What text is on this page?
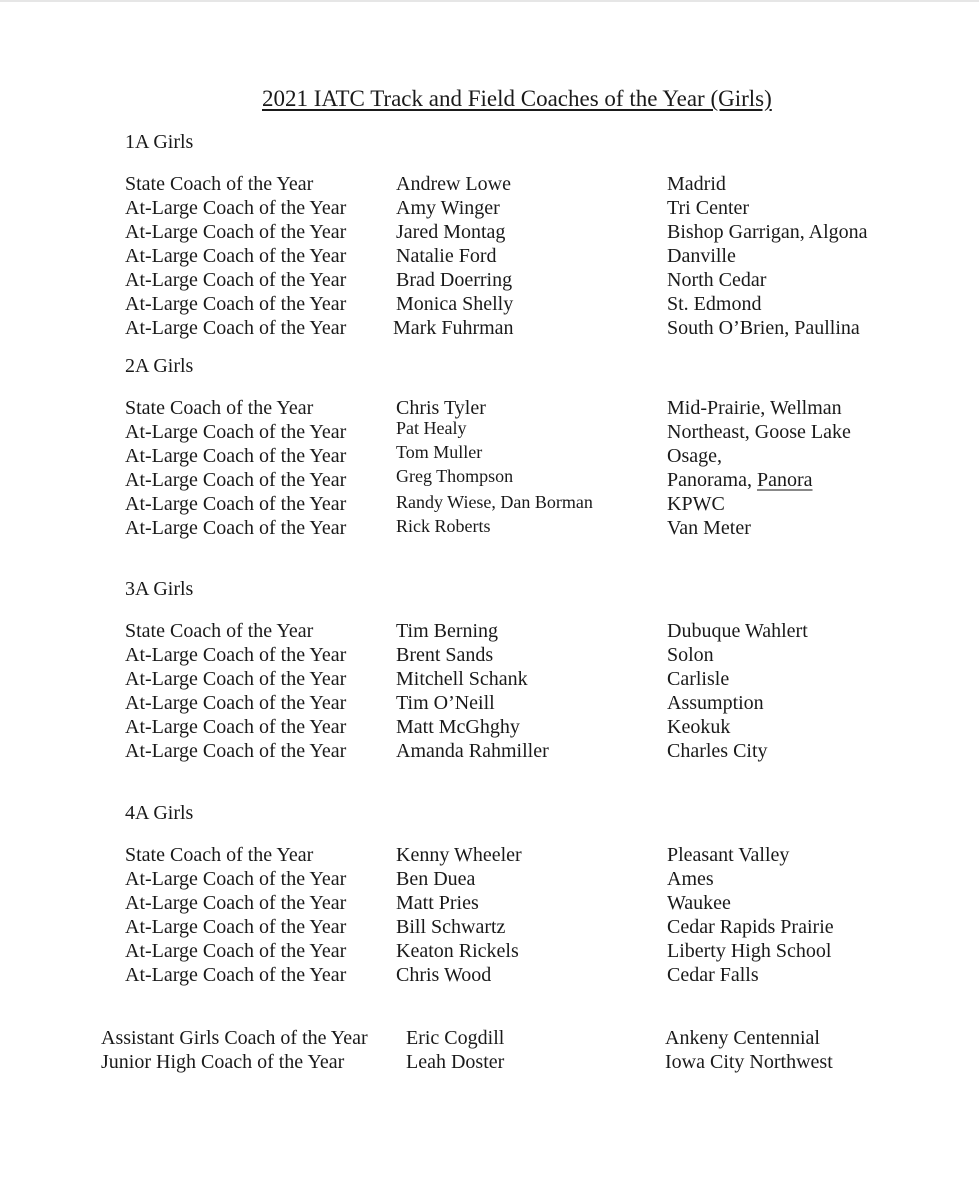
2021 IATC Track and Field Coaches of the Year (Girls)
1A Girls
State Coach of the Year	Andrew Lowe	Madrid
At-Large Coach of the Year Amy Winger	Tri Center
At-Large Coach of the Year Jared Montag	Bishop Garrigan, Algona
At-Large Coach of the Year Natalie Ford	Danville
At-Large Coach of the Year Brad Doerring	North Cedar
At-Large Coach of the Year Monica Shelly	St. Edmond
At-Large Coach of the Year Mark Fuhrman	South O’Brien, Paullina
2A Girls
State Coach of the Year	Chris Tyler	Mid-Prairie, Wellman
At-Large Coach of the Year	Pat Healy	Northeast, Goose Lake
At-Large Coach of the Year	Tom Muller	Osage,
At-Large Coach of the Year	Greg Thompson	Panorama, Panora
At-Large Coach of the Year	Randy Wiese, Dan Borman	KPWC
At-Large Coach of the Year	Rick Roberts	Van Meter
3A Girls
State Coach of the Year	Tim Berning	Dubuque Wahlert
At-Large Coach of the Year Brent Sands	Solon
At-Large Coach of the Year Mitchell Schank	Carlisle
At-Large Coach of the Year Tim O’Neill	Assumption
At-Large Coach of the Year Matt McGhghy	Keokuk
At-Large Coach of the Year Amanda Rahmiller	Charles City
4A Girls
State Coach of the Year	Kenny Wheeler	Pleasant Valley
At-Large Coach of the Year Ben Duea	Ames
At-Large Coach of the Year Matt Pries	Waukee
At-Large Coach of the Year Bill Schwartz	Cedar Rapids Prairie
At-Large Coach of the Year Keaton Rickels	Liberty High School
At-Large Coach of the Year Chris Wood	Cedar Falls
Assistant Girls Coach of the Year Eric Cogdill	Ankeny Centennial
Junior High Coach of the Year	Leah Doster	Iowa City Northwest
